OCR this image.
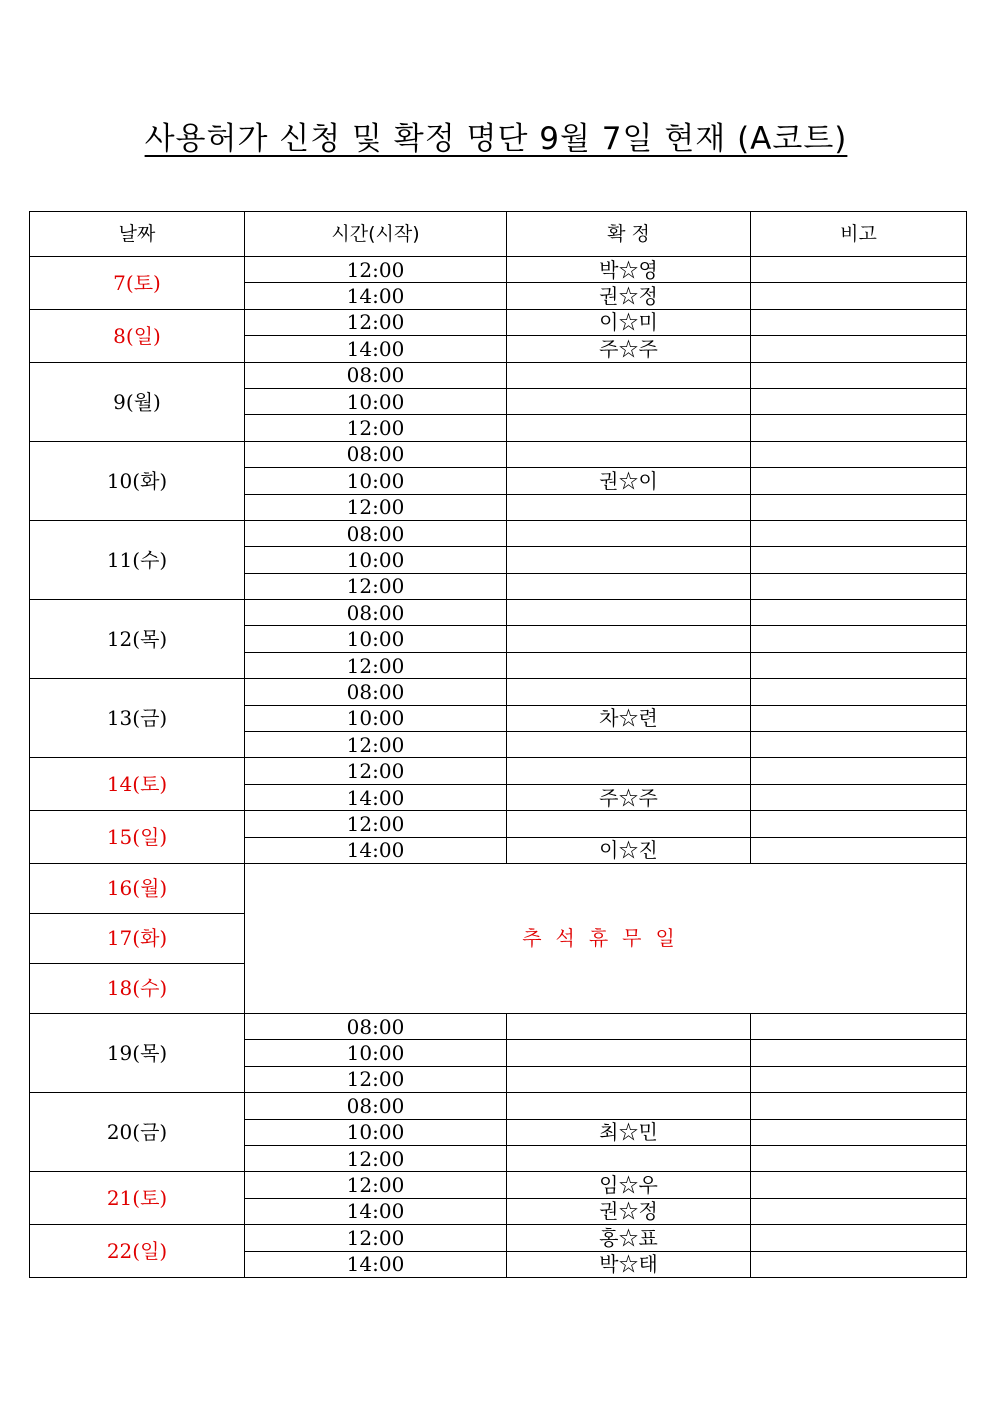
사용허가 신청 및 확정 명단 9월 7일 현재 (A코트)
날짜	시간(시작)	확 정	비고
7(토)	12:00	박☆영	
	14:00	권☆정	
8(일)	12:00	이☆미	
	14:00	주☆주	
9(월)	08:00		
	10:00		
	12:00		
10(화)	08:00		
	10:00	권☆이	
	12:00		
11(수)	08:00		
	10:00		
	12:00		
12(목)	08:00		
	10:00		
	12:00		
13(금)	08:00		
	10:00	차☆련	
	12:00		
14(토)	12:00		
	14:00	주☆주	
15(일)	12:00		
	14:00	이☆진	
16(월)	추석휴무일		
17(화)			
18(수)			
19(목)	08:00		
	10:00		
	12:00		
20(금)	08:00		
	10:00	최☆민	
	12:00		
21(토)	12:00	임☆우	
	14:00	권☆정	
22(일)	12:00	홍☆표	
	14:00	박☆태	
